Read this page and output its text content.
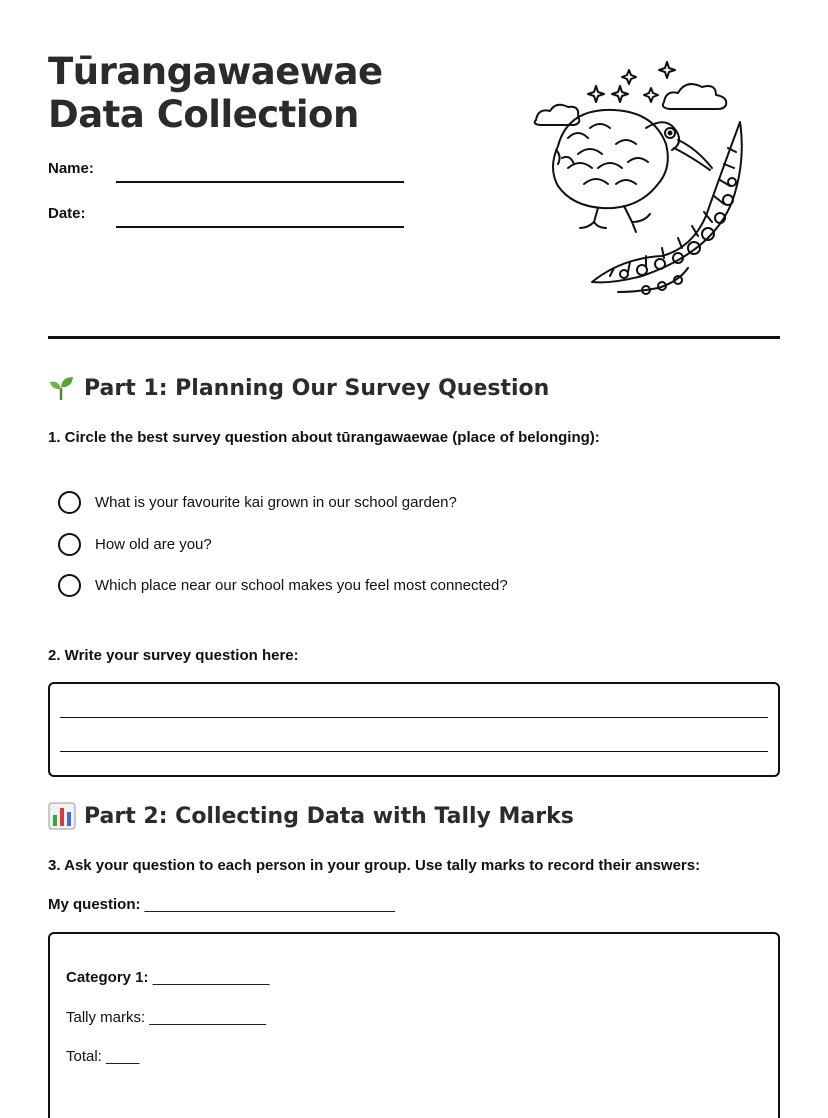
Tūrangawaewae Data Collection
Name:
Date:
Part 1: Planning Our Survey Question
1. Circle the best survey question about tūrangawaewae (place of belonging):
What is your favourite kai grown in our school garden?
How old are you?
Which place near our school makes you feel most connected?
2. Write your survey question here:
Part 2: Collecting Data with Tally Marks
3. Ask your question to each person in your group. Use tally marks to record their answers:
My question: ______________________________
Category 1: ______________
Tally marks: ______________
Total: ____
